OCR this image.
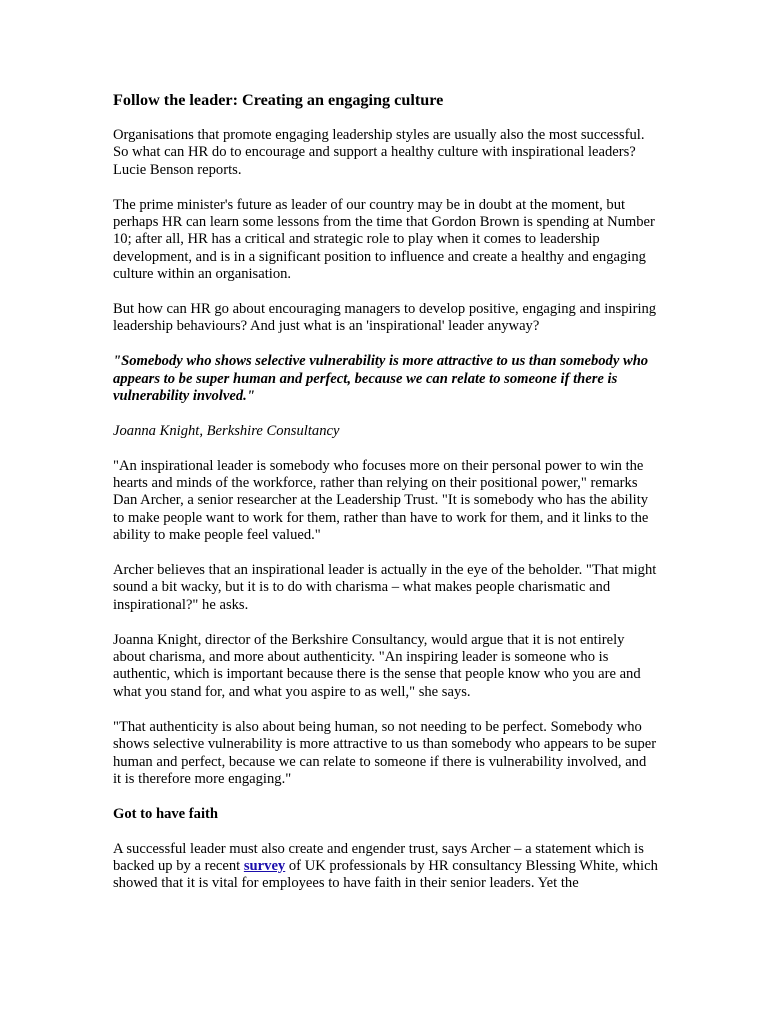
Follow the leader: Creating an engaging culture

Organisations that promote engaging leadership styles are usually also the most successful. So what can HR do to encourage and support a healthy culture with inspirational leaders? Lucie Benson reports.

The prime minister's future as leader of our country may be in doubt at the moment, but perhaps HR can learn some lessons from the time that Gordon Brown is spending at Number 10; after all, HR has a critical and strategic role to play when it comes to leadership development, and is in a significant position to influence and create a healthy and engaging culture within an organisation.

But how can HR go about encouraging managers to develop positive, engaging and inspiring leadership behaviours? And just what is an 'inspirational' leader anyway?

"Somebody who shows selective vulnerability is more attractive to us than somebody who appears to be super human and perfect, because we can relate to someone if there is vulnerability involved."

Joanna Knight, Berkshire Consultancy

"An inspirational leader is somebody who focuses more on their personal power to win the hearts and minds of the workforce, rather than relying on their positional power," remarks Dan Archer, a senior researcher at the Leadership Trust. "It is somebody who has the ability to make people want to work for them, rather than have to work for them, and it links to the ability to make people feel valued."

Archer believes that an inspirational leader is actually in the eye of the beholder. "That might sound a bit wacky, but it is to do with charisma – what makes people charismatic and inspirational?" he asks.

Joanna Knight, director of the Berkshire Consultancy, would argue that it is not entirely about charisma, and more about authenticity. "An inspiring leader is someone who is authentic, which is important because there is the sense that people know who you are and what you stand for, and what you aspire to as well," she says.

"That authenticity is also about being human, so not needing to be perfect. Somebody who shows selective vulnerability is more attractive to us than somebody who appears to be super human and perfect, because we can relate to someone if there is vulnerability involved, and it is therefore more engaging."

Got to have faith

A successful leader must also create and engender trust, says Archer – a statement which is backed up by a recent survey of UK professionals by HR consultancy Blessing White, which showed that it is vital for employees to have faith in their senior leaders. Yet the
